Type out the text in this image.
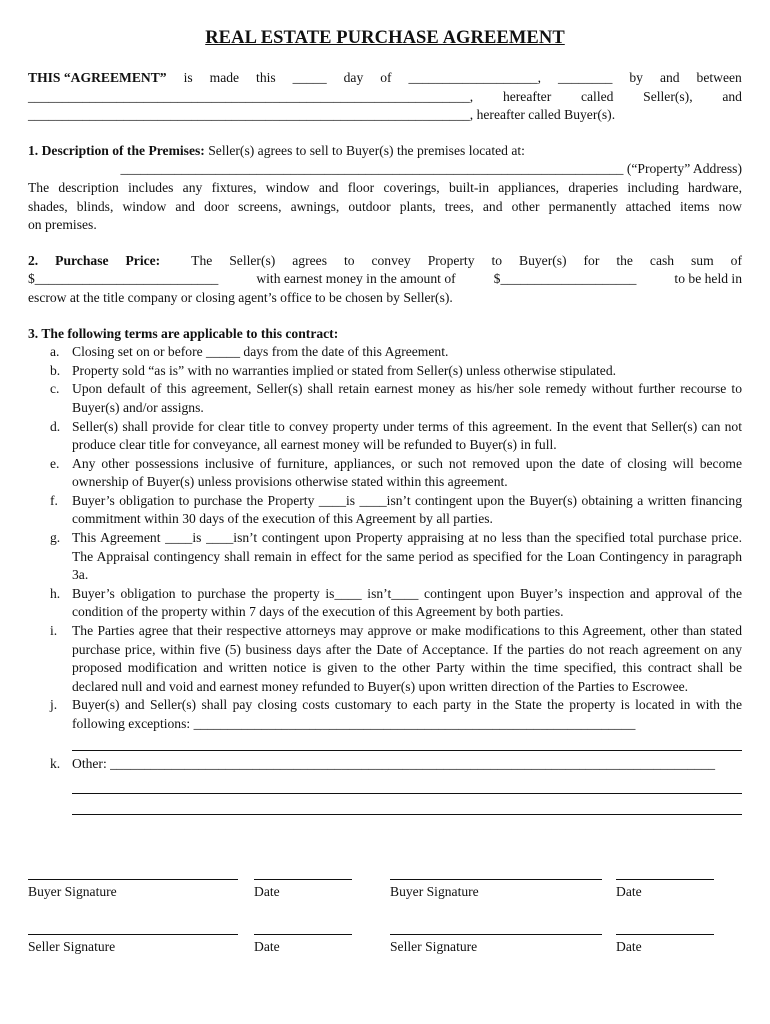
REAL ESTATE PURCHASE AGREEMENT
THIS “AGREEMENT” is made this _____ day of ___________________, ________ by and between
_________________________________________________________________, hereafter called Seller(s), and
_________________________________________________________________, hereafter called Buyer(s).
1. Description of the Premises: Seller(s) agrees to sell to Buyer(s) the premises located at:
__________________________________________________________________________ (“Property” Address)
The description includes any fixtures, window and floor coverings, built-in appliances, draperies including hardware,
shades, blinds, window and door screens, awnings, outdoor plants, trees, and other permanently attached items now
on premises.
2. Purchase Price: The Seller(s) agrees to convey Property to Buyer(s) for the cash sum of
$___________________________	with earnest money in the amount of	$____________________	to be held in
escrow at the title company or closing agent’s office to be chosen by Seller(s).
3. The following terms are applicable to this contract:
a. Closing set on or before _____ days from the date of this Agreement.
b. Property sold “as is” with no warranties implied or stated from Seller(s) unless otherwise stipulated.
c. Upon default of this agreement, Seller(s) shall retain earnest money as his/her sole remedy without further recourse to Buyer(s) and/or assigns.
d. Seller(s) shall provide for clear title to convey property under terms of this agreement. In the event that Seller(s) can not produce clear title for conveyance, all earnest money will be refunded to Buyer(s) in full.
e. Any other possessions inclusive of furniture, appliances, or such not removed upon the date of closing will become ownership of Buyer(s) unless provisions otherwise stated within this agreement.
f.	Buyer’s obligation to purchase the Property ____is ____isn’t contingent upon the Buyer(s) obtaining a written financing commitment within 30 days of the execution of this Agreement by all parties.
g. This Agreement ____is ____isn’t contingent upon Property appraising at no less than the specified total purchase price. The Appraisal contingency shall remain in effect for the same period as specified for the Loan Contingency in paragraph 3a.
h. Buyer’s obligation to purchase the property is____ isn’t____ contingent upon Buyer’s inspection and approval of the condition of the property within 7 days of the execution of this Agreement by both parties.
i.	The Parties agree that their respective attorneys may approve or make modifications to this Agreement, other than stated purchase price, within five (5) business days after the Date of Acceptance. If the parties do not reach agreement on any proposed modification and written notice is given to the other Party within the time specified, this contract shall be declared null and void and earnest money refunded to Buyer(s) upon written direction of the Parties to Escrowee.
j.	Buyer(s) and Seller(s) shall pay closing costs customary to each party in the State the property is located in with the following exceptions: _________________________________________________________________
k. Other: _________________________________________________________________________________________
Buyer Signature	Date	Buyer Signature	Date
Seller Signature	Date	Seller Signature	Date
